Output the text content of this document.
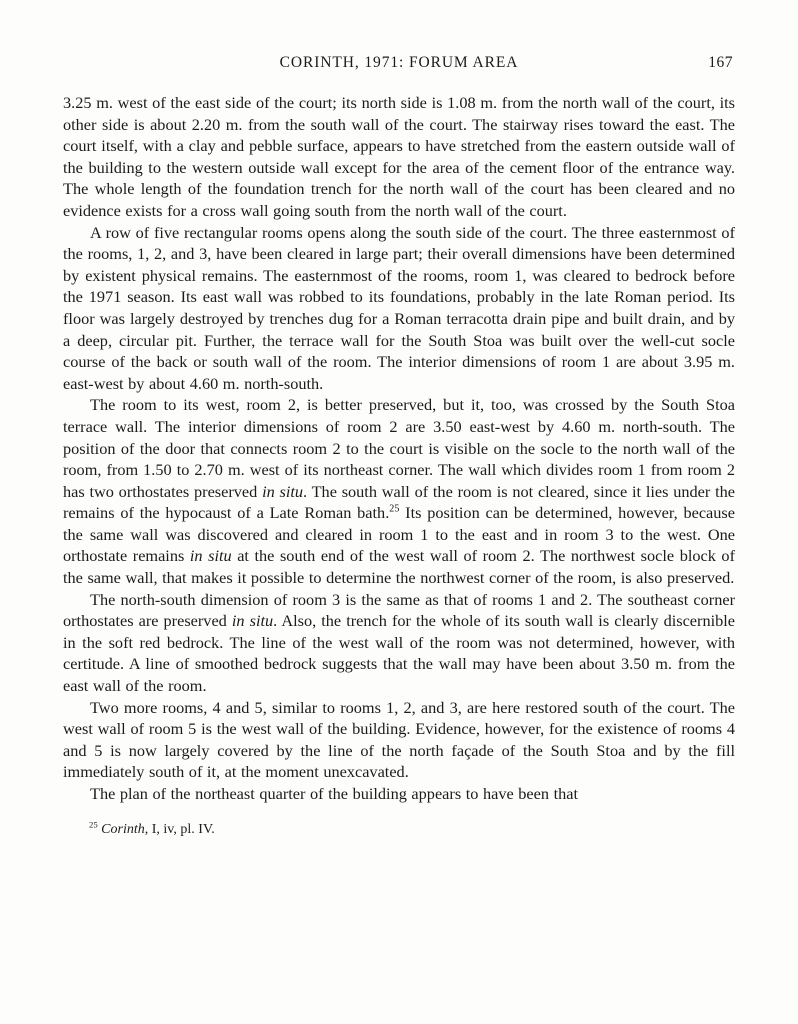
CORINTH, 1971: FORUM AREA	167

3.25 m. west of the east side of the court; its north side is 1.08 m. from the north wall of the court, its other side is about 2.20 m. from the south wall of the court. The stairway rises toward the east. The court itself, with a clay and pebble surface, appears to have stretched from the eastern outside wall of the building to the western outside wall except for the area of the cement floor of the entrance way. The whole length of the foundation trench for the north wall of the court has been cleared and no evidence exists for a cross wall going south from the north wall of the court.

A row of five rectangular rooms opens along the south side of the court. The three easternmost of the rooms, 1, 2, and 3, have been cleared in large part; their overall dimensions have been determined by existent physical remains. The easternmost of the rooms, room 1, was cleared to bedrock before the 1971 season. Its east wall was robbed to its foundations, probably in the late Roman period. Its floor was largely destroyed by trenches dug for a Roman terracotta drain pipe and built drain, and by a deep, circular pit. Further, the terrace wall for the South Stoa was built over the well-cut socle course of the back or south wall of the room. The interior dimensions of room 1 are about 3.95 m. east-west by about 4.60 m. north-south.

The room to its west, room 2, is better preserved, but it, too, was crossed by the South Stoa terrace wall. The interior dimensions of room 2 are 3.50 east-west by 4.60 m. north-south. The position of the door that connects room 2 to the court is visible on the socle to the north wall of the room, from 1.50 to 2.70 m. west of its northeast corner. The wall which divides room 1 from room 2 has two orthostates preserved in situ. The south wall of the room is not cleared, since it lies under the remains of the hypocaust of a Late Roman bath.$^{25}$ Its position can be determined, however, because the same wall was discovered and cleared in room 1 to the east and in room 3 to the west. One orthostate remains in situ at the south end of the west wall of room 2. The northwest socle block of the same wall, that makes it possible to determine the northwest corner of the room, is also preserved.

The north-south dimension of room 3 is the same as that of rooms 1 and 2. The southeast corner orthostates are preserved in situ. Also, the trench for the whole of its south wall is clearly discernible in the soft red bedrock. The line of the west wall of the room was not determined, however, with certitude. A line of smoothed bedrock suggests that the wall may have been about 3.50 m. from the east wall of the room.

Two more rooms, 4 and 5, similar to rooms 1, 2, and 3, are here restored south of the court. The west wall of room 5 is the west wall of the building. Evidence, however, for the existence of rooms 4 and 5 is now largely covered by the line of the north façade of the South Stoa and by the fill immediately south of it, at the moment unexcavated.

The plan of the northeast quarter of the building appears to have been that

$^{25}$ Corinth, I, iv, pl. IV.
